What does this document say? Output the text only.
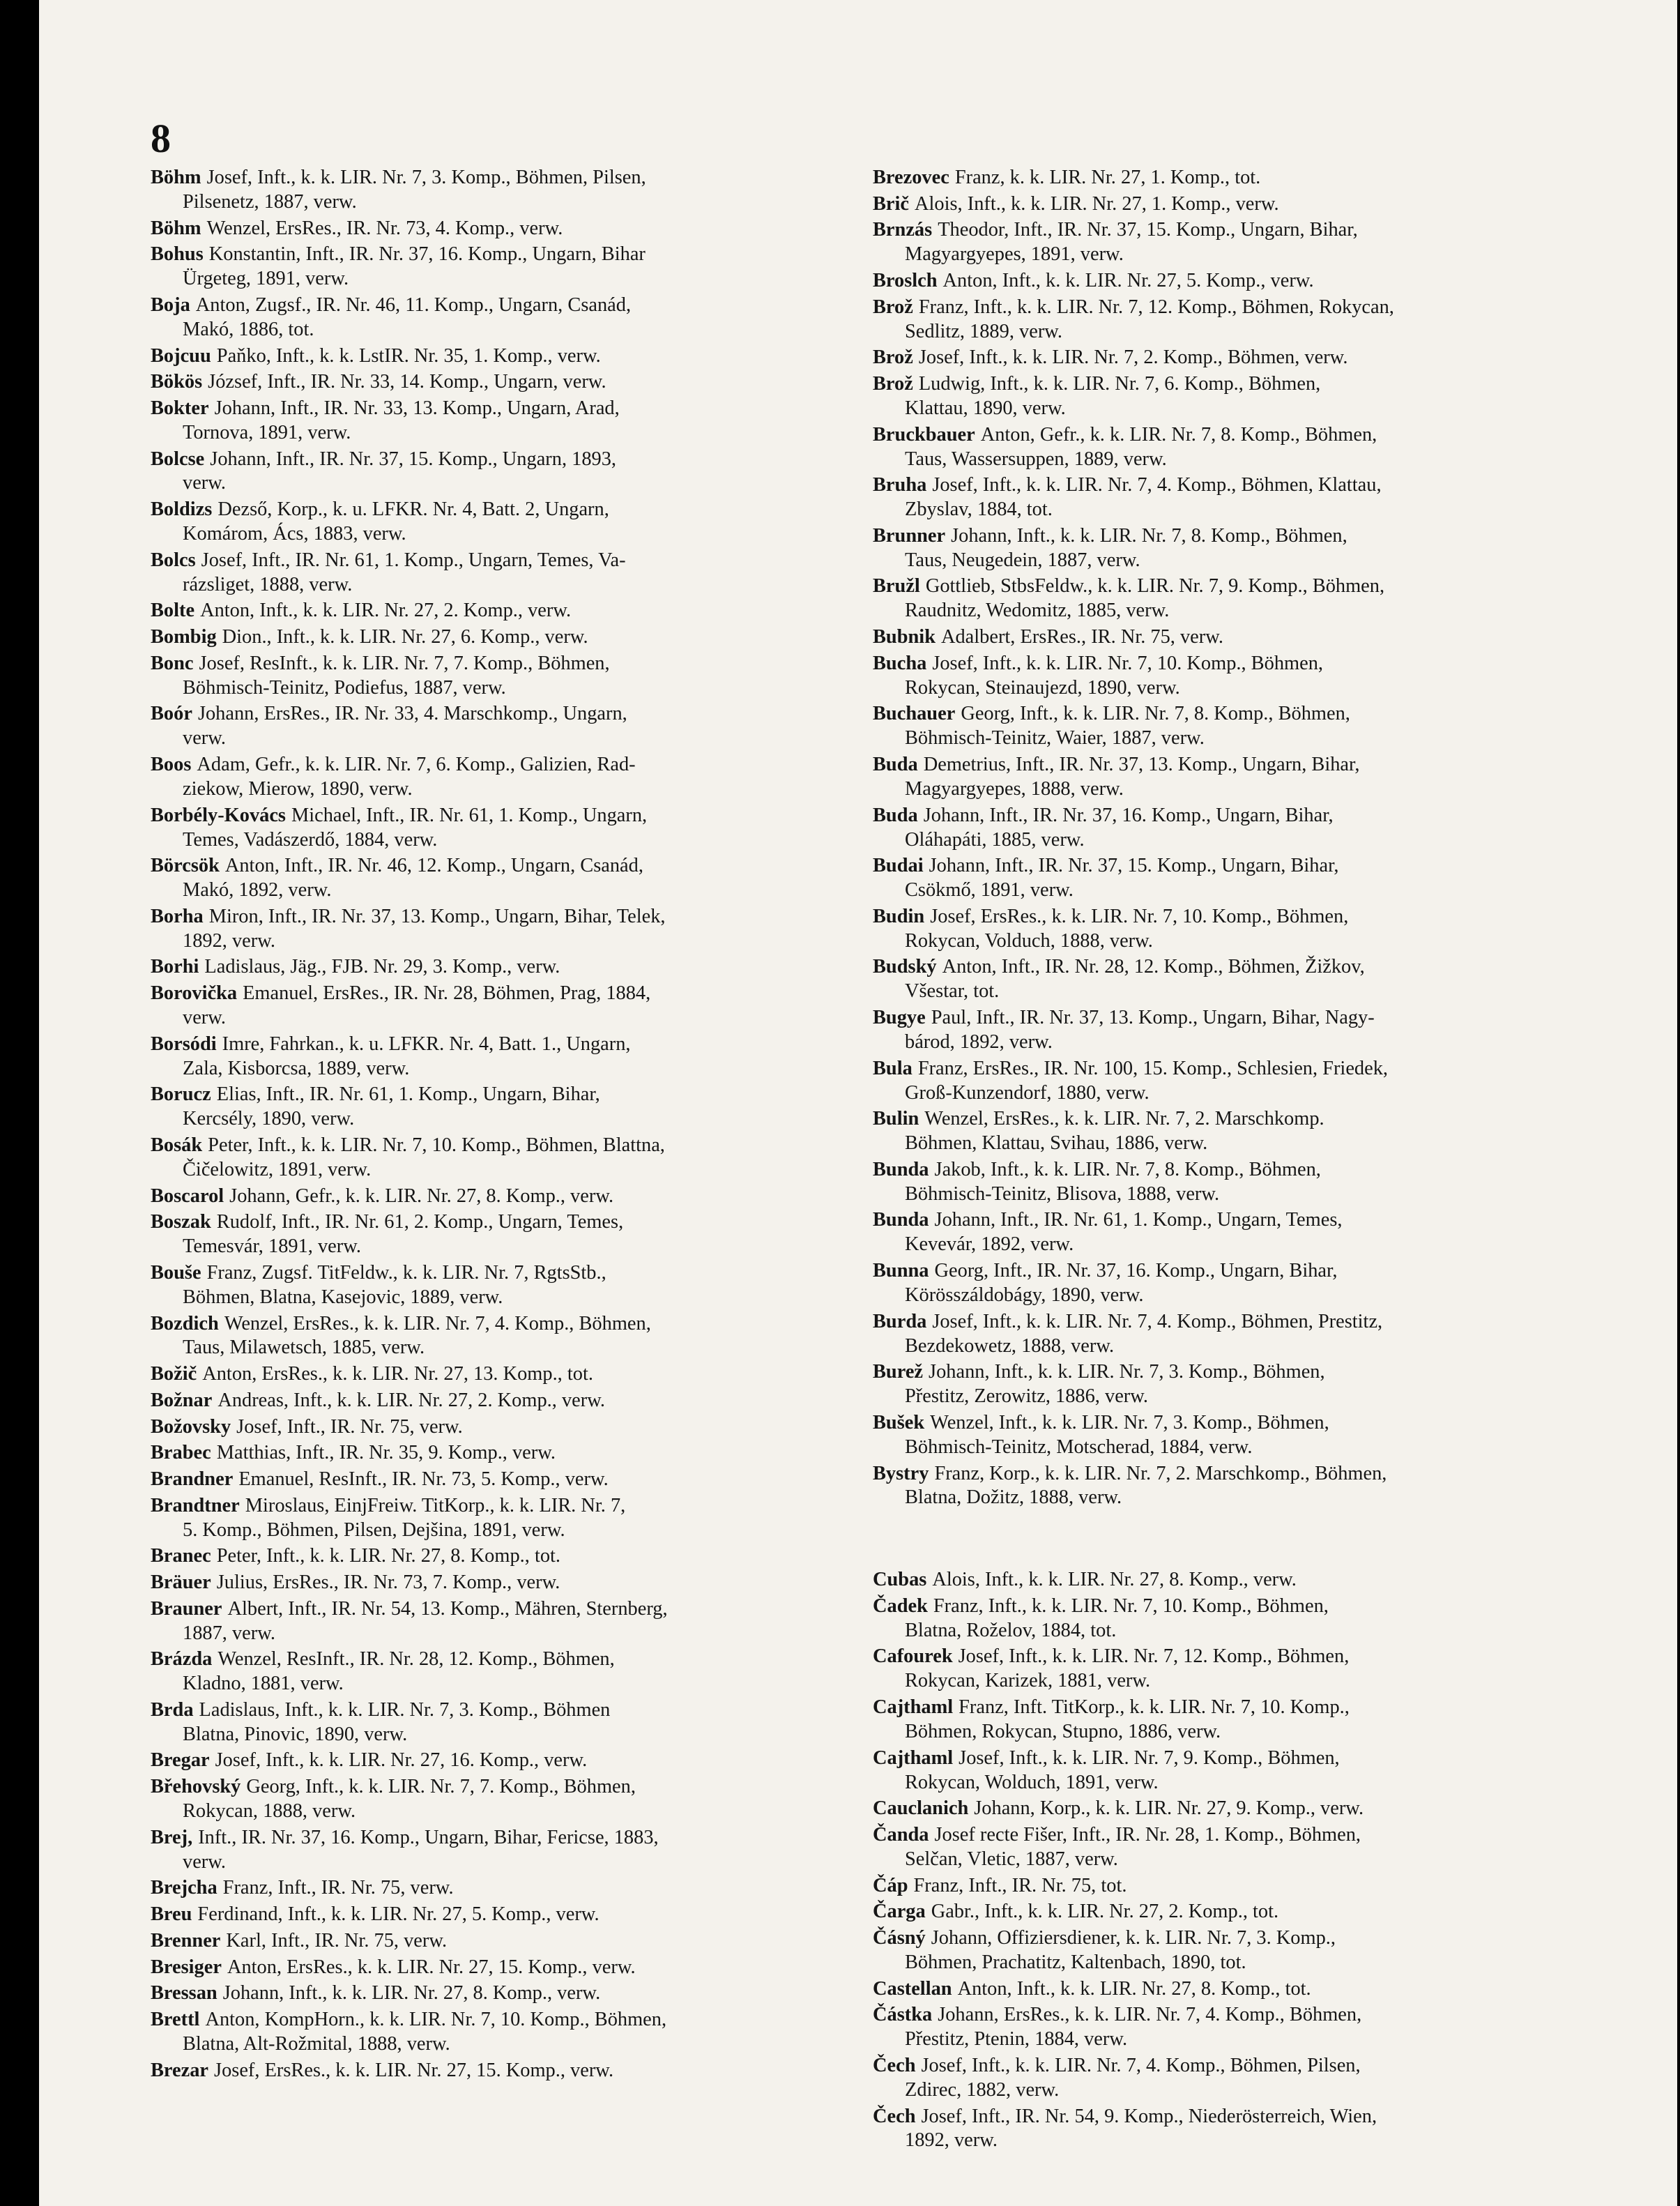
8
Böhm Josef, Inft., k. k. LIR. Nr. 7, 3. Komp., Böhmen, Pilsen,
Pilsenetz, 1887, verw.
Böhm Wenzel, ErsRes., IR. Nr. 73, 4. Komp., verw.
Bohus Konstantin, Inft., IR. Nr. 37, 16. Komp., Ungarn, Bihar
Ürgeteg, 1891, verw.
Boja Anton, Zugsf., IR. Nr. 46, 11. Komp., Ungarn, Csanád,
Makó, 1886, tot.
Bojcuu Paňko, Inft., k. k. LstIR. Nr. 35, 1. Komp., verw.
Bökös József, Inft., IR. Nr. 33, 14. Komp., Ungarn, verw.
Bokter Johann, Inft., IR. Nr. 33, 13. Komp., Ungarn, Arad,
Tornova, 1891, verw.
Bolcse Johann, Inft., IR. Nr. 37, 15. Komp., Ungarn, 1893,
verw.
Boldizs Dezső, Korp., k. u. LFKR. Nr. 4, Batt. 2, Ungarn,
Komárom, Ács, 1883, verw.
Bolcs Josef, Inft., IR. Nr. 61, 1. Komp., Ungarn, Temes, Va-
rázsliget, 1888, verw.
Bolte Anton, Inft., k. k. LIR. Nr. 27, 2. Komp., verw.
Bombig Dion., Inft., k. k. LIR. Nr. 27, 6. Komp., verw.
Bonc Josef, ResInft., k. k. LIR. Nr. 7, 7. Komp., Böhmen,
Böhmisch-Teinitz, Podiefus, 1887, verw.
Boór Johann, ErsRes., IR. Nr. 33, 4. Marschkomp., Ungarn,
verw.
Boos Adam, Gefr., k. k. LIR. Nr. 7, 6. Komp., Galizien, Rad-
ziekow, Mierow, 1890, verw.
Borbély-Kovács Michael, Inft., IR. Nr. 61, 1. Komp., Ungarn,
Temes, Vadászerdő, 1884, verw.
Börcsök Anton, Inft., IR. Nr. 46, 12. Komp., Ungarn, Csanád,
Makó, 1892, verw.
Borha Miron, Inft., IR. Nr. 37, 13. Komp., Ungarn, Bihar, Telek,
1892, verw.
Borhi Ladislaus, Jäg., FJB. Nr. 29, 3. Komp., verw.
Borovička Emanuel, ErsRes., IR. Nr. 28, Böhmen, Prag, 1884,
verw.
Borsódi Imre, Fahrkan., k. u. LFKR. Nr. 4, Batt. 1., Ungarn,
Zala, Kisborcsa, 1889, verw.
Borucz Elias, Inft., IR. Nr. 61, 1. Komp., Ungarn, Bihar,
Kercsély, 1890, verw.
Bosák Peter, Inft., k. k. LIR. Nr. 7, 10. Komp., Böhmen, Blattna,
Čičelowitz, 1891, verw.
Boscarol Johann, Gefr., k. k. LIR. Nr. 27, 8. Komp., verw.
Boszak Rudolf, Inft., IR. Nr. 61, 2. Komp., Ungarn, Temes,
Temesvár, 1891, verw.
Bouše Franz, Zugsf. TitFeldw., k. k. LIR. Nr. 7, RgtsStb.,
Böhmen, Blatna, Kasejovic, 1889, verw.
Bozdich Wenzel, ErsRes., k. k. LIR. Nr. 7, 4. Komp., Böhmen,
Taus, Milawetsch, 1885, verw.
Božič Anton, ErsRes., k. k. LIR. Nr. 27, 13. Komp., tot.
Božnar Andreas, Inft., k. k. LIR. Nr. 27, 2. Komp., verw.
Božovsky Josef, Inft., IR. Nr. 75, verw.
Brabec Matthias, Inft., IR. Nr. 35, 9. Komp., verw.
Brandner Emanuel, ResInft., IR. Nr. 73, 5. Komp., verw.
Brandtner Miroslaus, EinjFreiw. TitKorp., k. k. LIR. Nr. 7,
5. Komp., Böhmen, Pilsen, Dejšina, 1891, verw.
Branec Peter, Inft., k. k. LIR. Nr. 27, 8. Komp., tot.
Bräuer Julius, ErsRes., IR. Nr. 73, 7. Komp., verw.
Brauner Albert, Inft., IR. Nr. 54, 13. Komp., Mähren, Sternberg,
1887, verw.
Brázda Wenzel, ResInft., IR. Nr. 28, 12. Komp., Böhmen,
Kladno, 1881, verw.
Brda Ladislaus, Inft., k. k. LIR. Nr. 7, 3. Komp., Böhmen
Blatna, Pinovic, 1890, verw.
Bregar Josef, Inft., k. k. LIR. Nr. 27, 16. Komp., verw.
Břehovský Georg, Inft., k. k. LIR. Nr. 7, 7. Komp., Böhmen,
Rokycan, 1888, verw.
Brej, Inft., IR. Nr. 37, 16. Komp., Ungarn, Bihar, Fericse, 1883,
verw.
Brejcha Franz, Inft., IR. Nr. 75, verw.
Breu Ferdinand, Inft., k. k. LIR. Nr. 27, 5. Komp., verw.
Brenner Karl, Inft., IR. Nr. 75, verw.
Bresiger Anton, ErsRes., k. k. LIR. Nr. 27, 15. Komp., verw.
Bressan Johann, Inft., k. k. LIR. Nr. 27, 8. Komp., verw.
Brettl Anton, KompHorn., k. k. LIR. Nr. 7, 10. Komp., Böhmen,
Blatna, Alt-Rožmital, 1888, verw.
Brezar Josef, ErsRes., k. k. LIR. Nr. 27, 15. Komp., verw.
Brezovec Franz, k. k. LIR. Nr. 27, 1. Komp., tot.
Brič Alois, Inft., k. k. LIR. Nr. 27, 1. Komp., verw.
Brnzás Theodor, Inft., IR. Nr. 37, 15. Komp., Ungarn, Bihar,
Magyargyepes, 1891, verw.
Broslch Anton, Inft., k. k. LIR. Nr. 27, 5. Komp., verw.
Brož Franz, Inft., k. k. LIR. Nr. 7, 12. Komp., Böhmen, Rokycan,
Sedlitz, 1889, verw.
Brož Josef, Inft., k. k. LIR. Nr. 7, 2. Komp., Böhmen, verw.
Brož Ludwig, Inft., k. k. LIR. Nr. 7, 6. Komp., Böhmen,
Klattau, 1890, verw.
Bruckbauer Anton, Gefr., k. k. LIR. Nr. 7, 8. Komp., Böhmen,
Taus, Wassersuppen, 1889, verw.
Bruha Josef, Inft., k. k. LIR. Nr. 7, 4. Komp., Böhmen, Klattau,
Zbyslav, 1884, tot.
Brunner Johann, Inft., k. k. LIR. Nr. 7, 8. Komp., Böhmen,
Taus, Neugedein, 1887, verw.
Bružl Gottlieb, StbsFeldw., k. k. LIR. Nr. 7, 9. Komp., Böhmen,
Raudnitz, Wedomitz, 1885, verw.
Bubnik Adalbert, ErsRes., IR. Nr. 75, verw.
Bucha Josef, Inft., k. k. LIR. Nr. 7, 10. Komp., Böhmen,
Rokycan, Steinaujezd, 1890, verw.
Buchauer Georg, Inft., k. k. LIR. Nr. 7, 8. Komp., Böhmen,
Böhmisch-Teinitz, Waier, 1887, verw.
Buda Demetrius, Inft., IR. Nr. 37, 13. Komp., Ungarn, Bihar,
Magyargyepes, 1888, verw.
Buda Johann, Inft., IR. Nr. 37, 16. Komp., Ungarn, Bihar,
Oláhapáti, 1885, verw.
Budai Johann, Inft., IR. Nr. 37, 15. Komp., Ungarn, Bihar,
Csökmő, 1891, verw.
Budin Josef, ErsRes., k. k. LIR. Nr. 7, 10. Komp., Böhmen,
Rokycan, Volduch, 1888, verw.
Budský Anton, Inft., IR. Nr. 28, 12. Komp., Böhmen, Žižkov,
Všestar, tot.
Bugye Paul, Inft., IR. Nr. 37, 13. Komp., Ungarn, Bihar, Nagy-
bárod, 1892, verw.
Bula Franz, ErsRes., IR. Nr. 100, 15. Komp., Schlesien, Friedek,
Groß-Kunzendorf, 1880, verw.
Bulin Wenzel, ErsRes., k. k. LIR. Nr. 7, 2. Marschkomp.
Böhmen, Klattau, Svihau, 1886, verw.
Bunda Jakob, Inft., k. k. LIR. Nr. 7, 8. Komp., Böhmen,
Böhmisch-Teinitz, Blisova, 1888, verw.
Bunda Johann, Inft., IR. Nr. 61, 1. Komp., Ungarn, Temes,
Kevevár, 1892, verw.
Bunna Georg, Inft., IR. Nr. 37, 16. Komp., Ungarn, Bihar,
Körösszáldobágy, 1890, verw.
Burda Josef, Inft., k. k. LIR. Nr. 7, 4. Komp., Böhmen, Prestitz,
Bezdekowetz, 1888, verw.
Burež Johann, Inft., k. k. LIR. Nr. 7, 3. Komp., Böhmen,
Přestitz, Zerowitz, 1886, verw.
Bušek Wenzel, Inft., k. k. LIR. Nr. 7, 3. Komp., Böhmen,
Böhmisch-Teinitz, Motscherad, 1884, verw.
Bystry Franz, Korp., k. k. LIR. Nr. 7, 2. Marschkomp., Böhmen,
Blatna, Dožitz, 1888, verw.
Cubas Alois, Inft., k. k. LIR. Nr. 27, 8. Komp., verw.
Čadek Franz, Inft., k. k. LIR. Nr. 7, 10. Komp., Böhmen,
Blatna, Roželov, 1884, tot.
Cafourek Josef, Inft., k. k. LIR. Nr. 7, 12. Komp., Böhmen,
Rokycan, Karizek, 1881, verw.
Cajthaml Franz, Inft. TitKorp., k. k. LIR. Nr. 7, 10. Komp.,
Böhmen, Rokycan, Stupno, 1886, verw.
Cajthaml Josef, Inft., k. k. LIR. Nr. 7, 9. Komp., Böhmen,
Rokycan, Wolduch, 1891, verw.
Cauclanich Johann, Korp., k. k. LIR. Nr. 27, 9. Komp., verw.
Čanda Josef recte Fišer, Inft., IR. Nr. 28, 1. Komp., Böhmen,
Selčan, Vletic, 1887, verw.
Čáp Franz, Inft., IR. Nr. 75, tot.
Čarga Gabr., Inft., k. k. LIR. Nr. 27, 2. Komp., tot.
Čásný Johann, Offiziersdiener, k. k. LIR. Nr. 7, 3. Komp.,
Böhmen, Prachatitz, Kaltenbach, 1890, tot.
Castellan Anton, Inft., k. k. LIR. Nr. 27, 8. Komp., tot.
Částka Johann, ErsRes., k. k. LIR. Nr. 7, 4. Komp., Böhmen,
Přestitz, Ptenin, 1884, verw.
Čech Josef, Inft., k. k. LIR. Nr. 7, 4. Komp., Böhmen, Pilsen,
Zdirec, 1882, verw.
Čech Josef, Inft., IR. Nr. 54, 9. Komp., Niederösterreich, Wien,
1892, verw.
